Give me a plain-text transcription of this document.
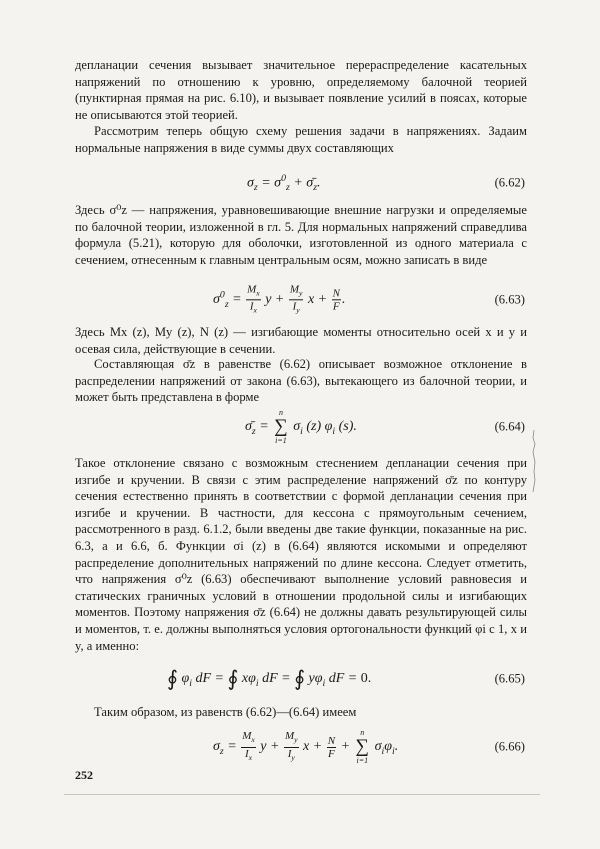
депланации сечения вызывает значительное перераспределение касательных напряжений по отношению к уровню, определяемому балочной теорией (пунктирная прямая на рис. 6.10), и вызывает появление усилий в поясах, которые не описываются этой теорией.

Рассмотрим теперь общую схему решения задачи в напряжениях. Задаим нормальные напряжения в виде суммы двух составляющих

$\sigma_z = \sigma^0_z$ + $\sigmā_z$.	(6.62)

Здесь σ⁰z — напряжения, уравновешивающие внешние нагрузки и определяемые по балочной теории, изложенной в гл. 5. Для нормальных напряжений справедлива формула (5.21), которую для оболочки, изготовленной из одного материала с сечением, отнесенным к главным центральным осям, можно записать в виде

$\sigma^0_z = \frac{M_x}{I_x}$ $y + \frac{M_y}{I_y}$ $x + \frac{N}{F}$ .	(6.63)

Здесь Mx (z), My (z), N (z) — изгибающие моменты относительно осей x и y и осевая сила, действующие в сечении.

Составляющая σ̄z в равенстве (6.62) описывает возможное отклонение в распределении напряжений от закона (6.63), вытекающего из балочной теории, и может быть представлена в форме

$\sigmā_z$ =
n
∑
i=1
$\sigma_i$ (z) $\varphi_i$ (s).	(6.64)

Такое отклонение связано с возможным стеснением депланации сечения при изгибе и кручении. В связи с этим распределение напряжений σ̄z по контуру сечения естественно принять в соответствии с формой депланации сечения при изгибе и кручении. В частности, для кессона с прямоугольным сечением, рассмотренного в разд. 6.1.2, были введены две такие функции, показанные на рис. 6.3, а и 6.6, б. Функции σi (z) в (6.64) являются искомыми и определяют распределение дополнительных напряжений по длине кессона. Следует отметить, что напряжения σ⁰z (6.63) обеспечивают выполнение условий равновесия и статических граничных условий в отношении продольной силы и изгибающих моментов. Поэтому напряжения σ̄z (6.64) не должны давать результирующей силы и моментов, т. е. должны выполняться условия ортогональности функций φi с 1, x и y, а именно:

∮ $\varphi_i$ dF = ∮ $x\varphi_i$ dF = ∮ $y\varphi_i$ dF = 0.	(6.65)

Таким образом, из равенств (6.62)—(6.64) имеем

$\sigma_z = \frac{M_x}{I_x}$ $y + \frac{M_y}{I_y}$ $x + \frac{N}{F}$ +
n
∑
i=1
$\sigma_i\varphi_i$.	(6.66)
252
